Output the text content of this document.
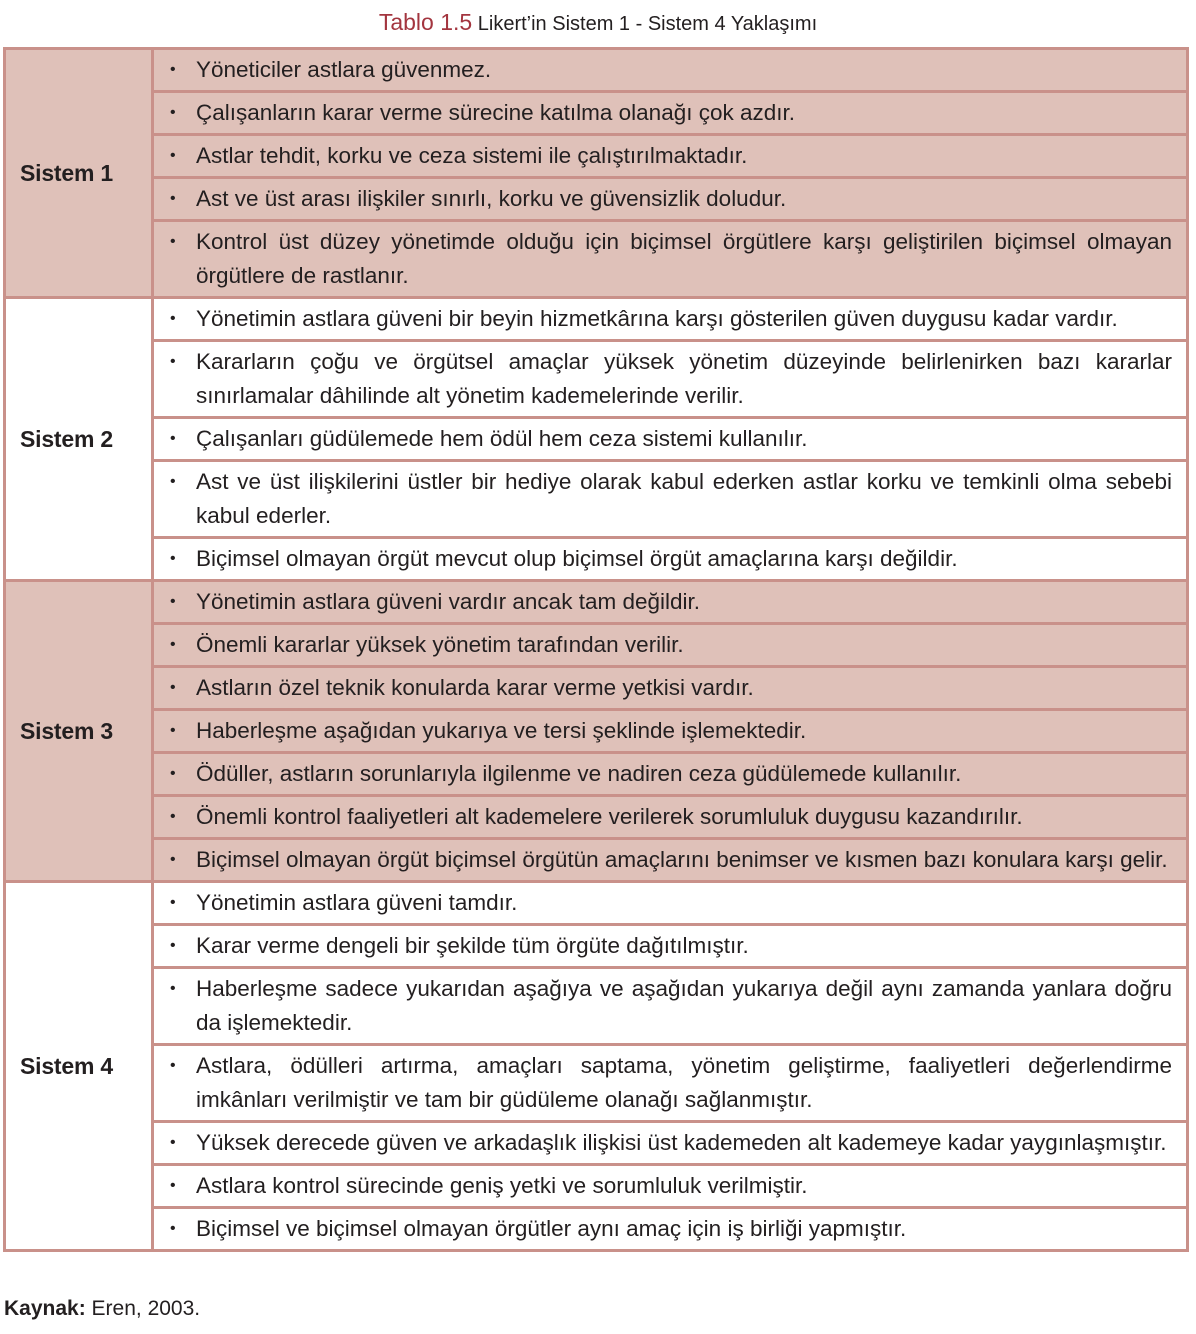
Tablo 1.5 Likert’in Sistem 1 - Sistem 4 Yaklaşımı
Sistem 1	• Yöneticiler astlara güvenmez.

	• Çalışanların karar verme sürecine katılma olanağı çok azdır.

	• Astlar tehdit, korku ve ceza sistemi ile çalıştırılmaktadır.

	• Ast ve üst arası ilişkiler sınırlı, korku ve güvensizlik doludur.

	• Kontrol üst düzey yönetimde olduğu için biçimsel örgütlere karşı geliştirilen biçimsel olmayan örgütlere de rastlanır.

Sistem 2	• Yönetimin astlara güveni bir beyin hizmetkârına karşı gösterilen güven duygusu kadar vardır.

	• Kararların çoğu ve örgütsel amaçlar yüksek yönetim düzeyinde belirlenirken bazı kararlar sınırlamalar dâhilinde alt yönetim kademelerinde verilir.

	• Çalışanları güdülemede hem ödül hem ceza sistemi kullanılır.

	• Ast ve üst ilişkilerini üstler bir hediye olarak kabul ederken astlar korku ve temkinli olma sebebi kabul ederler.

	• Biçimsel olmayan örgüt mevcut olup biçimsel örgüt amaçlarına karşı değildir.

Sistem 3	• Yönetimin astlara güveni vardır ancak tam değildir.

	• Önemli kararlar yüksek yönetim tarafından verilir.

	• Astların özel teknik konularda karar verme yetkisi vardır.

	• Haberleşme aşağıdan yukarıya ve tersi şeklinde işlemektedir.

	• Ödüller, astların sorunlarıyla ilgilenme ve nadiren ceza güdülemede kullanılır.

	• Önemli kontrol faaliyetleri alt kademelere verilerek sorumluluk duygusu kazandırılır.

	• Biçimsel olmayan örgüt biçimsel örgütün amaçlarını benimser ve kısmen bazı konulara karşı gelir.

Sistem 4	• Yönetimin astlara güveni tamdır.

	• Karar verme dengeli bir şekilde tüm örgüte dağıtılmıştır.

	• Haberleşme sadece yukarıdan aşağıya ve aşağıdan yukarıya değil aynı zamanda yanlara doğru da işlemektedir.

	• Astlara, ödülleri artırma, amaçları saptama, yönetim geliştirme, faaliyetleri değerlendirme imkânları verilmiştir ve tam bir güdüleme olanağı sağlanmıştır.

	• Yüksek derecede güven ve arkadaşlık ilişkisi üst kademeden alt kademeye kadar yaygınlaşmıştır.

	• Astlara kontrol sürecinde geniş yetki ve sorumluluk verilmiştir.

	• Biçimsel ve biçimsel olmayan örgütler aynı amaç için iş birliği yapmıştır.
Kaynak: Eren, 2003.
